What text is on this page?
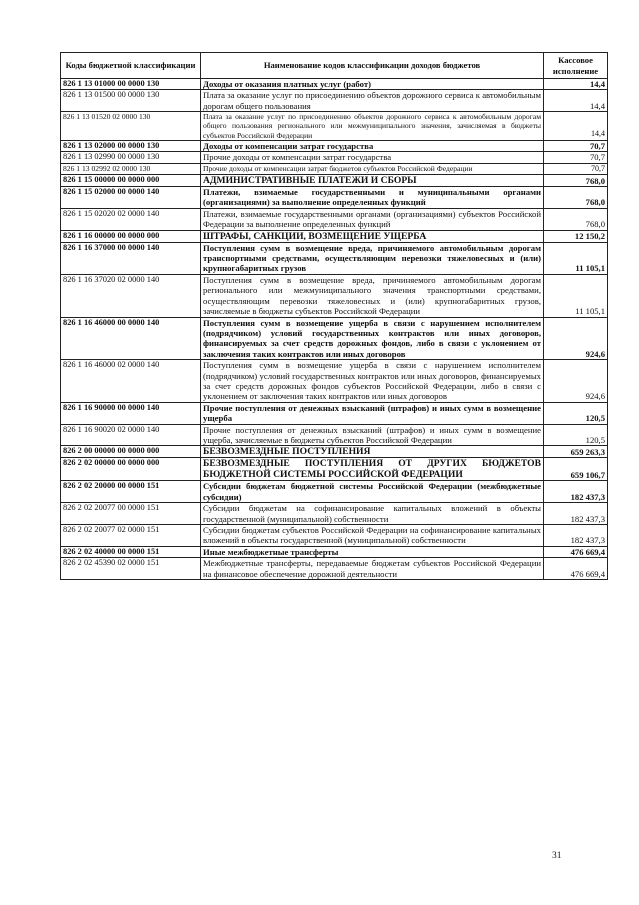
Коды бюджетной классификации	Наименование кодов классификации доходов бюджетов	Кассовое исполнение
826 1 13 01000 00 0000 130	Доходы от оказания платных услуг (работ)	14,4
826 1 13 01500 00 0000 130	Плата за оказание услуг по присоединению объектов дорожного сервиса к автомобильным дорогам общего пользования	14,4
826 1 13 01520 02 0000 130	Плата за оказание услуг по присоединению объектов дорожного сервиса к автомобильным дорогам общего пользования регионального или межмуниципального значения, зачисляемая в бюджеты субъектов Российской Федерации	14,4
826 1 13 02000 00 0000 130	Доходы от компенсации затрат государства	70,7
826 1 13 02990 00 0000 130	Прочие доходы от компенсации затрат государства	70,7
826 1 13 02992 02 0000 130	Прочие доходы от компенсации затрат бюджетов субъектов Российской Федерации	70,7
826 1 15 00000 00 0000 000	АДМИНИСТРАТИВНЫЕ ПЛАТЕЖИ И СБОРЫ	768,0
826 1 15 02000 00 0000 140	Платежи, взимаемые государственными и муниципальными органами (организациями) за выполнение определенных функций	768,0
826 1 15 02020 02 0000 140	Платежи, взимаемые государственными органами (организациями) субъектов Российской Федерации за выполнение определенных функций	768,0
826 1 16 00000 00 0000 000	ШТРАФЫ, САНКЦИИ, ВОЗМЕЩЕНИЕ УЩЕРБА	12 150,2
826 1 16 37000 00 0000 140	Поступления сумм в возмещение вреда, причиняемого автомобильным дорогам транспортными средствами, осуществляющим перевозки тяжеловесных и (или) крупногабаритных грузов	11 105,1
826 1 16 37020 02 0000 140	Поступления сумм в возмещение вреда, причиняемого автомобильным дорогам регионального или межмуниципального значения транспортными средствами, осуществляющим перевозки тяжеловесных и (или) крупногабаритных грузов, зачисляемые в бюджеты субъектов Российской Федерации	11 105,1
826 1 16 46000 00 0000 140	Поступления сумм в возмещение ущерба в связи с нарушением исполнителем (подрядчиком) условий государственных контрактов или иных договоров, финансируемых за счет средств дорожных фондов, либо в связи с уклонением от заключения таких контрактов или иных договоров	924,6
826 1 16 46000 02 0000 140	Поступления сумм в возмещение ущерба в связи с нарушением исполнителем (подрядчиком) условий государственных контрактов или иных договоров, финансируемых за счет средств дорожных фондов субъектов Российской Федерации, либо в связи с уклонением от заключения таких контрактов или иных договоров	924,6
826 1 16 90000 00 0000 140	Прочие поступления от денежных взысканий (штрафов) и иных сумм в возмещение ущерба	120,5
826 1 16 90020 02 0000 140	Прочие поступления от денежных взысканий (штрафов) и иных сумм в возмещение ущерба, зачисляемые в бюджеты субъектов Российской Федерации	120,5
826 2 00 00000 00 0000 000	БЕЗВОЗМЕЗДНЫЕ ПОСТУПЛЕНИЯ	659 263,3
826 2 02 00000 00 0000 000	БЕЗВОЗМЕЗДНЫЕ ПОСТУПЛЕНИЯ ОТ ДРУГИХ БЮДЖЕТОВ БЮДЖЕТНОЙ СИСТЕМЫ РОССИЙСКОЙ ФЕДЕРАЦИИ	659 106,7
826 2 02 20000 00 0000 151	Субсидии бюджетам бюджетной системы Российской Федерации (межбюджетные субсидии)	182 437,3
826 2 02 20077 00 0000 151	Субсидии бюджетам на софинансирование капитальных вложений в объекты государственной (муниципальной) собственности	182 437,3
826 2 02 20077 02 0000 151	Субсидии бюджетам субъектов Российской Федерации на софинансирование капитальных вложений в объекты государственной (муниципальной) собственности	182 437,3
826 2 02 40000 00 0000 151	Иные межбюджетные трансферты	476 669,4
826 2 02 45390 02 0000 151	Межбюджетные трансферты, передаваемые бюджетам субъектов Российской Федерации на финансовое обеспечение дорожной деятельности	476 669,4
31
